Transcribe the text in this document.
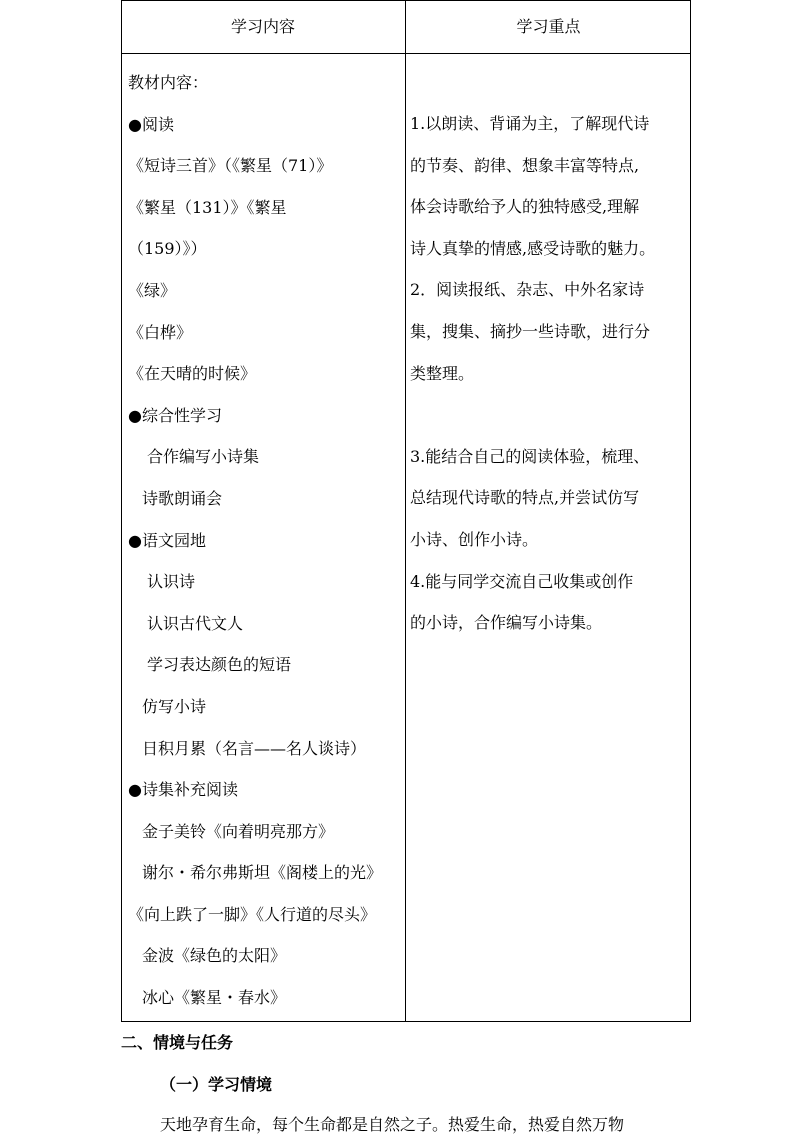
学习内容	学习重点
教材内容：
●阅读
《短诗三首》（《繁星（71）》
《繁星（131）》《繁星
（159）》）
《绿》
《白桦》
《在天晴的时候》
●综合性学习
合作编写小诗集
诗歌朗诵会
●语文园地
认识诗
认识古代文人
学习表达颜色的短语
仿写小诗
日积月累（名言——名人谈诗）
●诗集补充阅读
金子美铃《向着明亮那方》
谢尔・希尔弗斯坦《阁楼上的光》
《向上跌了一脚》《人行道的尽头》
金波《绿色的太阳》
冰心《繁星・春水》
1.以朗读、背诵为主，了解现代诗
的节奏、韵律、想象丰富等特点,
体会诗歌给予人的独特感受,理解
诗人真挚的情感,感受诗歌的魅力。
2．阅读报纸、杂志、中外名家诗
集，搜集、摘抄一些诗歌，进行分
类整理。
3.能结合自己的阅读体验，梳理、
总结现代诗歌的特点,并尝试仿写
小诗、创作小诗。
4.能与同学交流自己收集或创作
的小诗，合作编写小诗集。
二、情境与任务
（一）学习情境
天地孕育生命，每个生命都是自然之子。热爱生命，热爱自然万物
